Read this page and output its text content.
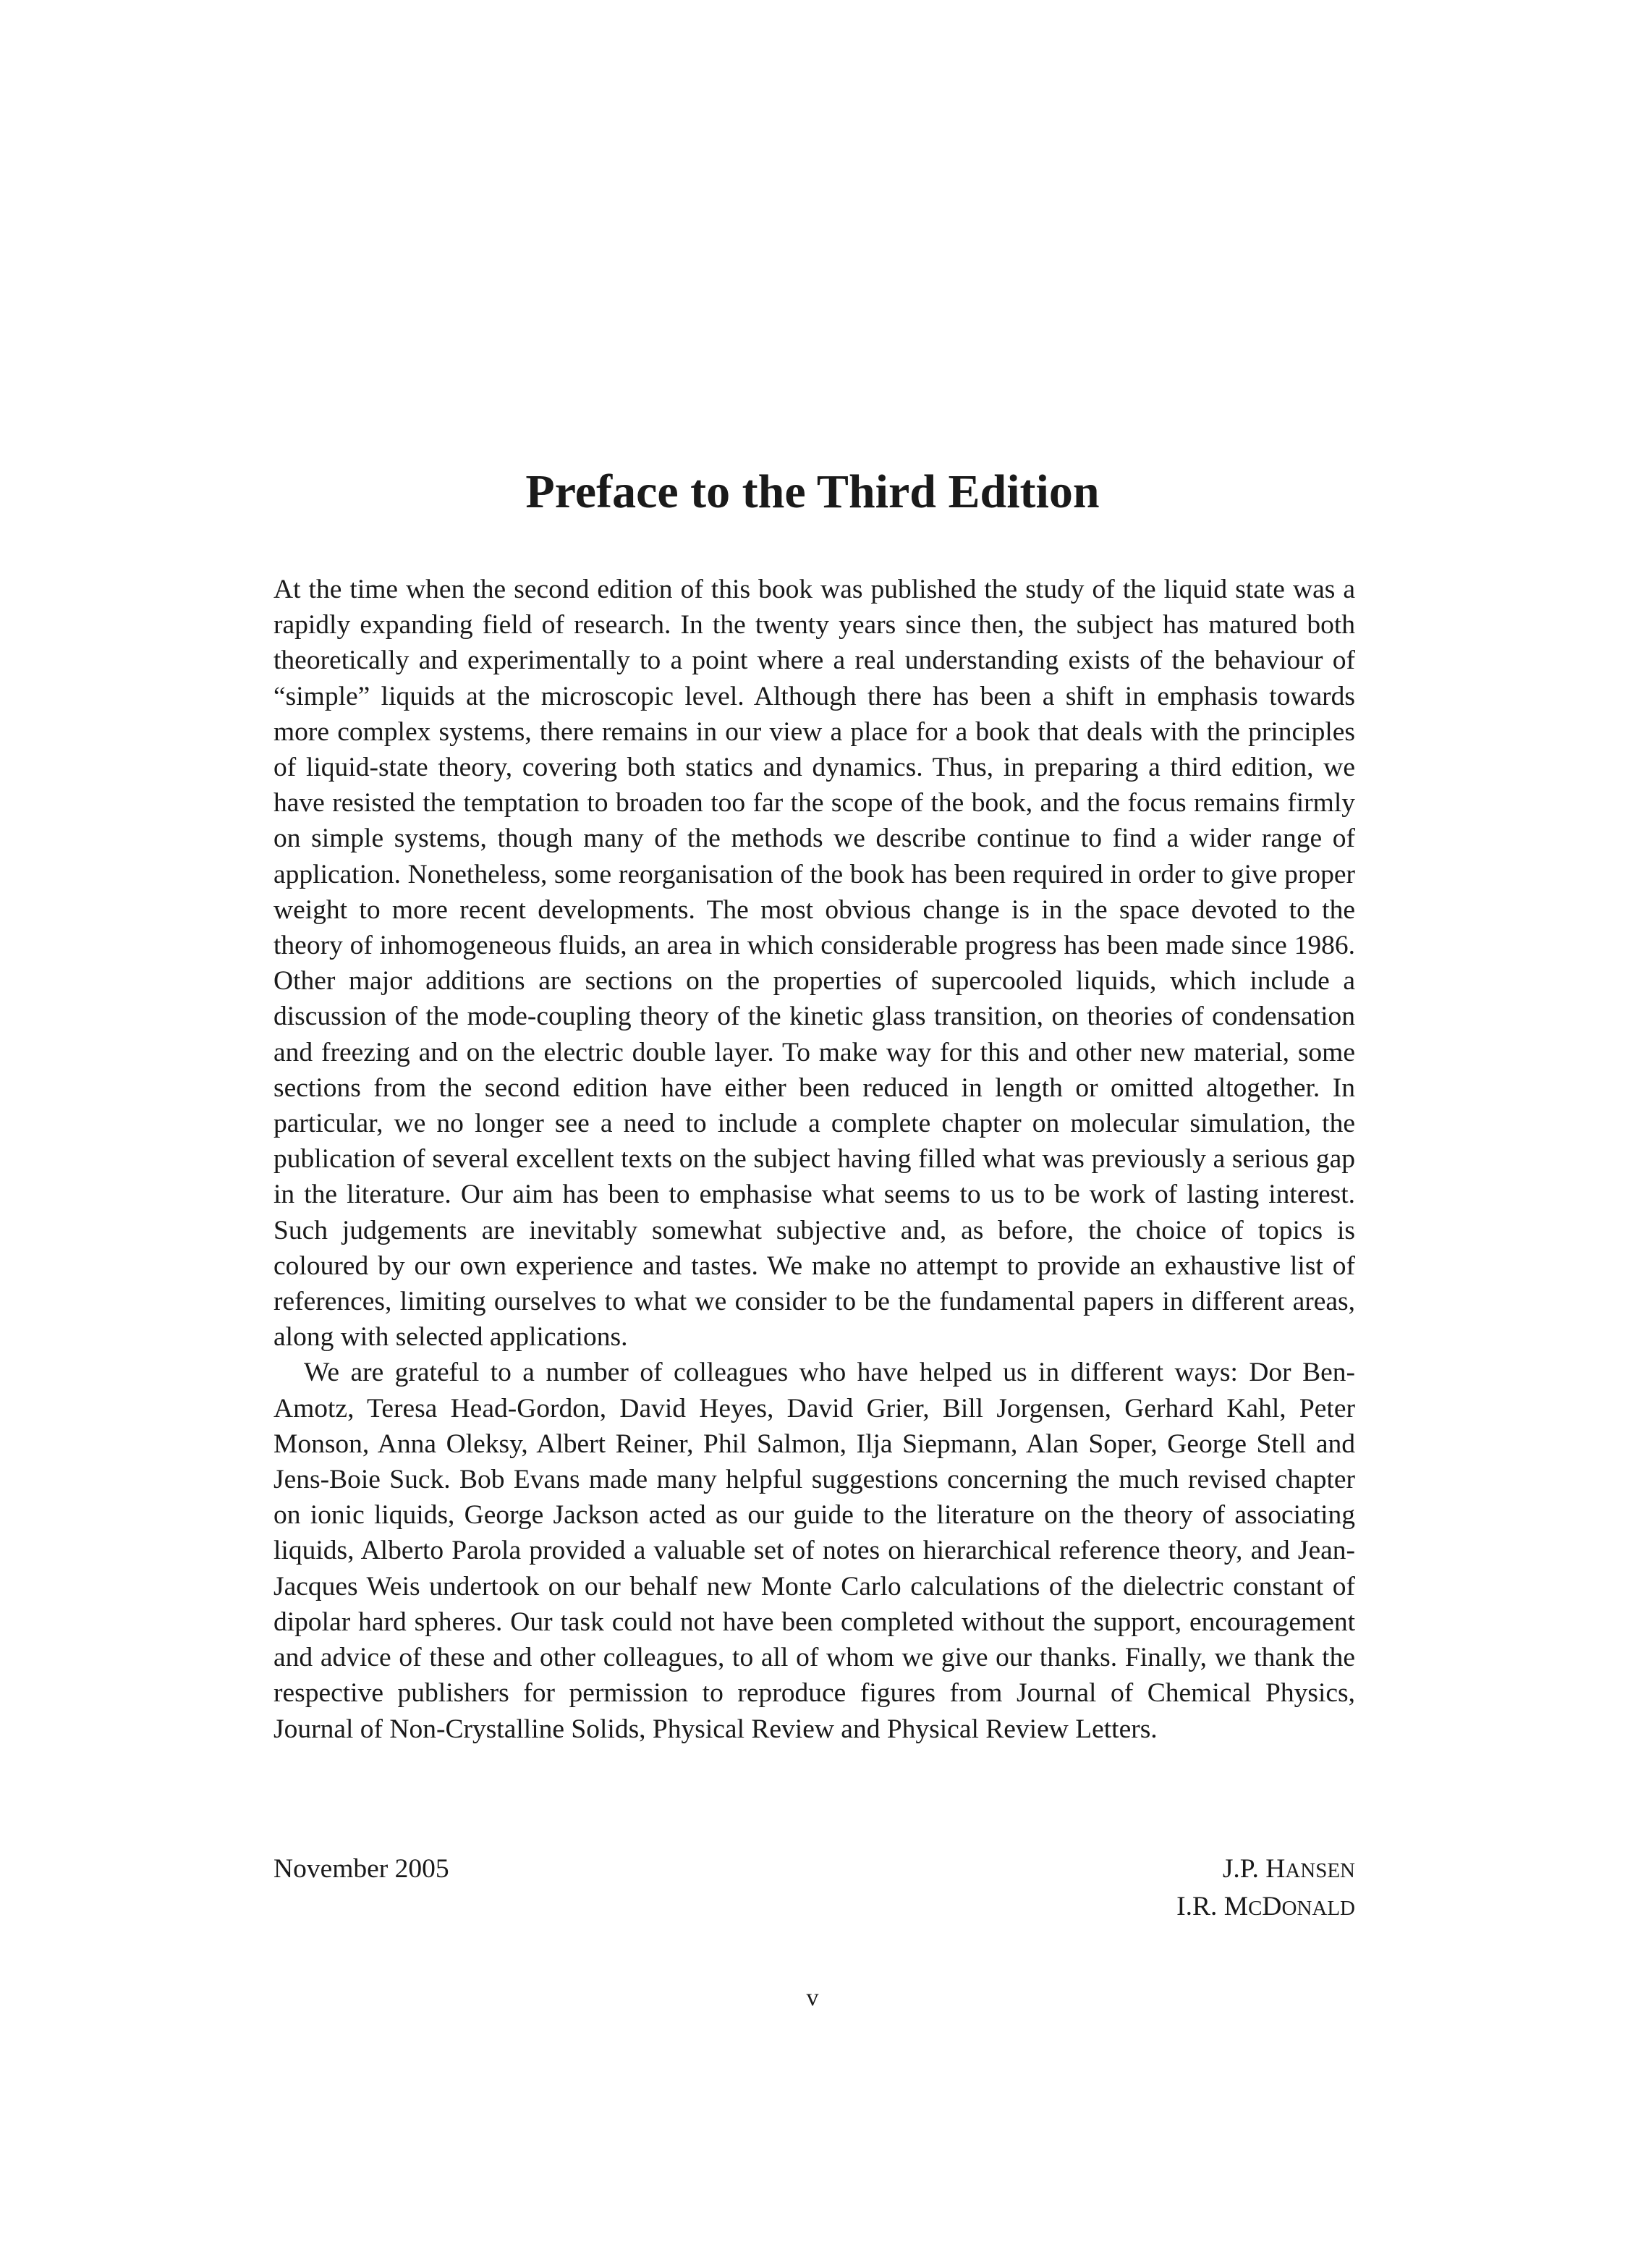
Preface to the Third Edition

At the time when the second edition of this book was published the study of the liquid state was a rapidly expanding field of research. In the twenty years since then, the subject has matured both theoretically and experimentally to a point where a real understanding exists of the behaviour of “simple” liquids at the microscopic level. Although there has been a shift in emphasis towards more complex systems, there remains in our view a place for a book that deals with the principles of liquid-state theory, covering both statics and dynamics. Thus, in preparing a third edition, we have resisted the temptation to broaden too far the scope of the book, and the focus remains firmly on simple systems, though many of the methods we describe continue to find a wider range of application. Nonetheless, some reorganisation of the book has been required in order to give proper weight to more recent developments. The most obvious change is in the space devoted to the theory of inhomogeneous fluids, an area in which considerable progress has been made since 1986. Other major additions are sections on the properties of supercooled liquids, which include a discussion of the mode-coupling theory of the kinetic glass transition, on theories of condensation and freezing and on the electric double layer. To make way for this and other new material, some sections from the second edition have either been reduced in length or omitted altogether. In particular, we no longer see a need to include a complete chapter on molecular simulation, the publication of several excellent texts on the subject having filled what was previously a serious gap in the literature. Our aim has been to emphasise what seems to us to be work of lasting interest. Such judgements are inevitably somewhat subjective and, as before, the choice of topics is coloured by our own experience and tastes. We make no attempt to provide an exhaustive list of references, limiting ourselves to what we consider to be the fundamental papers in different areas, along with selected applications.

We are grateful to a number of colleagues who have helped us in different ways: Dor Ben-Amotz, Teresa Head-Gordon, David Heyes, David Grier, Bill Jorgensen, Gerhard Kahl, Peter Monson, Anna Oleksy, Albert Reiner, Phil Salmon, Ilja Siepmann, Alan Soper, George Stell and Jens-Boie Suck. Bob Evans made many helpful suggestions concerning the much revised chapter on ionic liquids, George Jackson acted as our guide to the literature on the theory of associating liquids, Alberto Parola provided a valuable set of notes on hierarchical reference theory, and Jean-Jacques Weis undertook on our behalf new Monte Carlo calculations of the dielectric constant of dipolar hard spheres. Our task could not have been completed without the support, encouragement and advice of these and other colleagues, to all of whom we give our thanks. Finally, we thank the respective publishers for permission to reproduce figures from Journal of Chemical Physics, Journal of Non-Crystalline Solids, Physical Review and Physical Review Letters.

November 2005	J.P. HANSEN
I.R. MCDONALD
v
